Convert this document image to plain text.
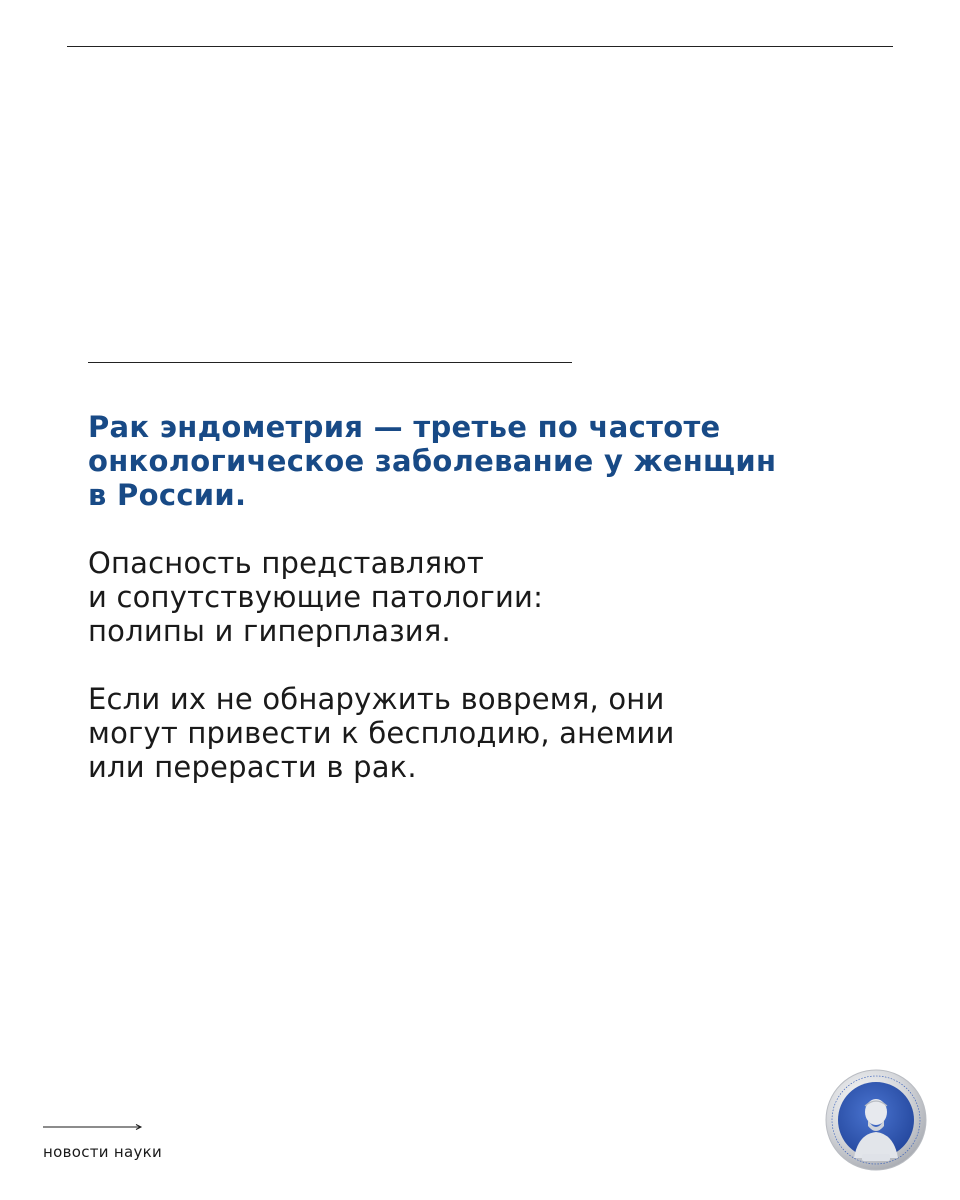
Рак эндометрия — третье по частоте
онкологическое заболевание у женщин
в России.

Опасность представляют
и сопутствующие патологии:
полипы и гиперплазия.

Если их не обнаружить вовремя, они
могут привести к бесплодию, анемии
или перерасти в рак.

новости науки
